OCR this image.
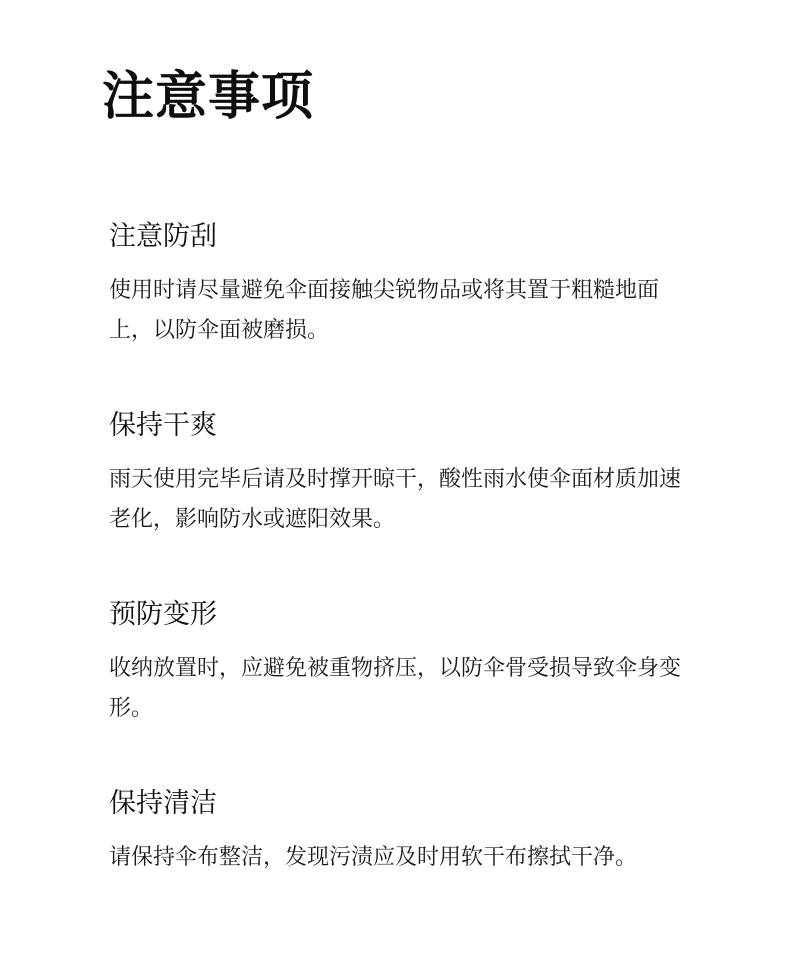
注意事项
注意防刮
使用时请尽量避免伞面接触尖锐物品或将其置于粗糙地面上，以防伞面被磨损。
保持干爽
雨天使用完毕后请及时撑开晾干，酸性雨水使伞面材质加速老化，影响防水或遮阳效果。
预防变形
收纳放置时，应避免被重物挤压，以防伞骨受损导致伞身变形。
保持清洁
请保持伞布整洁，发现污渍应及时用软干布擦拭干净。
